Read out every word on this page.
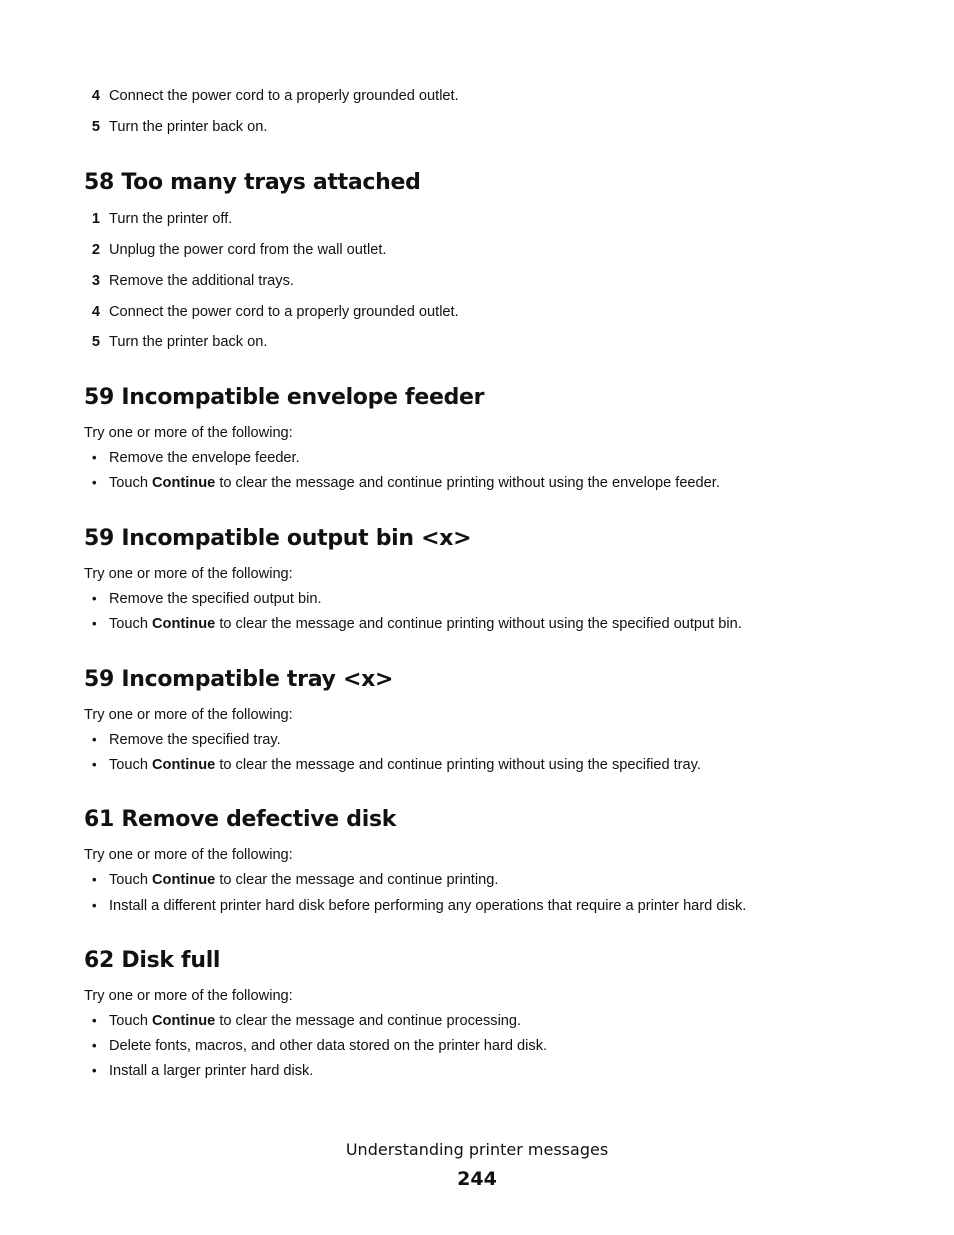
4 Connect the power cord to a properly grounded outlet.
5 Turn the printer back on.
58 Too many trays attached
1 Turn the printer off.
2 Unplug the power cord from the wall outlet.
3 Remove the additional trays.
4 Connect the power cord to a properly grounded outlet.
5 Turn the printer back on.
59 Incompatible envelope feeder
Try one or more of the following:
• Remove the envelope feeder.
• Touch Continue to clear the message and continue printing without using the envelope feeder.
59 Incompatible output bin <x>
Try one or more of the following:
• Remove the specified output bin.
• Touch Continue to clear the message and continue printing without using the specified output bin.
59 Incompatible tray <x>
Try one or more of the following:
• Remove the specified tray.
• Touch Continue to clear the message and continue printing without using the specified tray.
61 Remove defective disk
Try one or more of the following:
• Touch Continue to clear the message and continue printing.
• Install a different printer hard disk before performing any operations that require a printer hard disk.
62 Disk full
Try one or more of the following:
• Touch Continue to clear the message and continue processing.
• Delete fonts, macros, and other data stored on the printer hard disk.
• Install a larger printer hard disk.
Understanding printer messages
244
